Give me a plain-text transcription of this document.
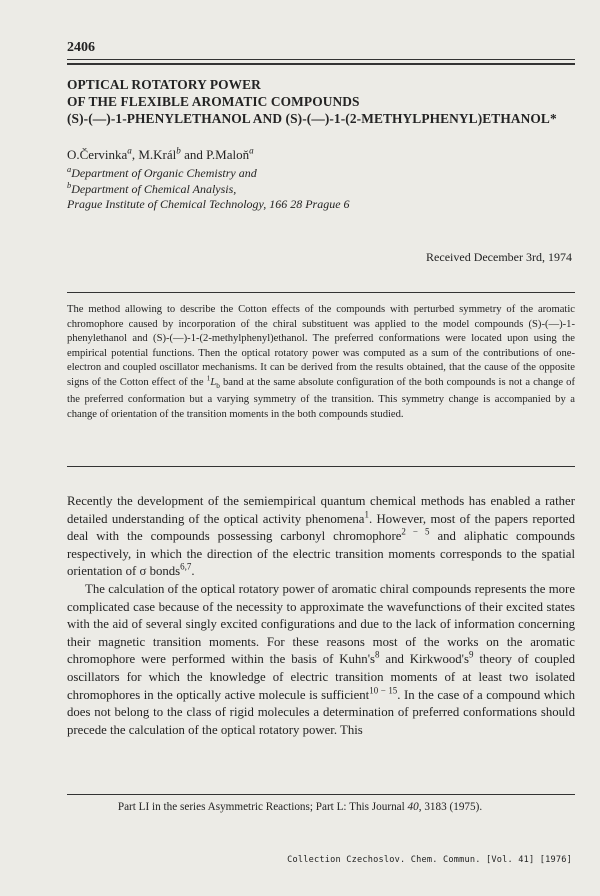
2406
OPTICAL ROTATORY POWER
OF THE FLEXIBLE AROMATIC COMPOUNDS
(S)-(—)-1-PHENYLETHANOL AND (S)-(—)-1-(2-METHYLPHENYL)ETHANOL*
O.Červinka$^a$, M.Král$^b$ and P.Maloň$^a$
$^a$Department of Organic Chemistry and
$^b$Department of Chemical Analysis,
Prague Institute of Chemical Technology, 166 28 Prague 6
Received December 3rd, 1974
The method allowing to describe the Cotton effects of the compounds with perturbed symmetry of the aromatic chromophore caused by incorporation of the chiral substituent was applied to the model compounds (S)-(—)-1-phenylethanol and (S)-(—)-1-(2-methylphenyl)ethanol. The preferred conformations were located upon using the empirical potential functions. Then the optical rotatory power was computed as a sum of the contributions of one-electron and coupled oscillator mechanisms. It can be derived from the results obtained, that the cause of the opposite signs of the Cotton effect of the $^1L_b$ band at the same absolute configuration of the both compounds is not a change of the preferred conformation but a varying symmetry of the transition. This symmetry change is accompanied by a change of orientation of the transition moments in the both compounds studied.

Recently the development of the semiempirical quantum chemical methods has enabled a rather detailed understanding of the optical activity phenomena$^1$. However, most of the papers reported deal with the compounds possessing carbonyl chromophore$^{2 - 5}$ and aliphatic compounds respectively, in which the direction of the electric transition moments corresponds to the spatial orientation of σ bonds$^{6,7}$.

The calculation of the optical rotatory power of aromatic chiral compounds represents the more complicated case because of the necessity to approximate the wavefunctions of their excited states with the aid of several singly excited configurations and due to the lack of information concerning their magnetic transition moments. For these reasons most of the works on the aromatic chromophore were performed within the basis of $Kuhn's^8$ and $Kirkwood's^9$ theory of coupled oscillators for which the knowledge of electric transition moments of at least two isolated chromophores in the optically active molecule is sufficient$^{10 - 15}$. In the case of a compound which does not belong to the class of rigid molecules a determination of preferred conformations should precede the calculation of the optical rotatory power. This

Part LI in the series Asymmetric Reactions; Part L: This Journal 40, 3183 (1975).
Collection Czechoslov. Chem. Commun. [Vol. 41] [1976]
